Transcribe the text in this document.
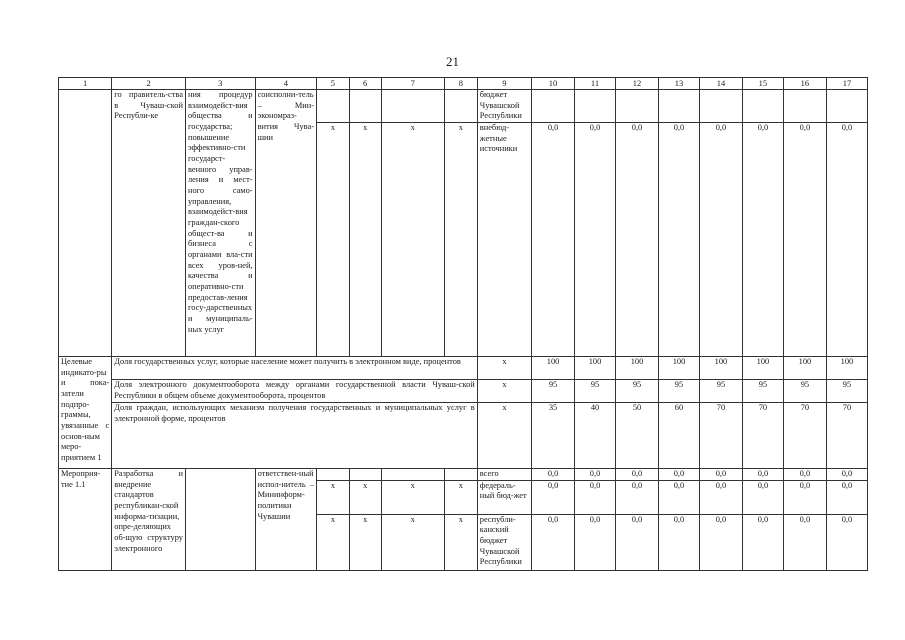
21
1	2	3	4	5	6	7	8	9	10	11	12	13	14	15	16	17
	го правитель-ства в Чуваш-ской Республи-ке	ния процедур взаимодейст-вия общества и государства; повышение эффективно-сти государст-венного управ-ления и мест-ного само-управления, взаимодейст-вия граждан-ского общест-ва и бизнеса с органами вла-сти всех уров-ней, качества и оперативно-сти предостав-ления госу-дарственных и муниципаль-ных услуг	соисполни-тель – Мин-экономраз-вития Чува-шии					бюджет Чувашской Республики								
				x	x	x	x	внебюд-жетные источники	0,0	0,0	0,0	0,0	0,0	0,0	0,0	0,0
Целевые индикато-ры и пока-затели подпро-граммы, увязанные с основ-ным меро-приятием 1	Доля государственных услуг, которые население может получить в электронном виде, процентов							x	100	100	100	100	100	100	100	100
	Доля электронного документооборота между органами государственной власти Чуваш-ской Республики в общем объеме документооборота, процентов							x	95	95	95	95	95	95	95	95
	Доля граждан, использующих механизм получения государственных и муниципальных услуг в электронной форме, процентов							x	35	40	50	60	70	70	70	70
Мероприя-тие 1.1	Разработка и внедрение стандартов республикан-ской информа-тизации, опре-деляющих об-щую структуру электронного		ответствен-ный испол-нитель – Мининформ-политики Чувашии					всего	0,0	0,0	0,0	0,0	0,0	0,0	0,0	0,0
				x	x	x	x	федераль-ный бюд-жет	0,0	0,0	0,0	0,0	0,0	0,0	0,0	0,0
				x	x	x	x	республи-канский бюджет Чувашской Республики	0,0	0,0	0,0	0,0	0,0	0,0	0,0	0,0
